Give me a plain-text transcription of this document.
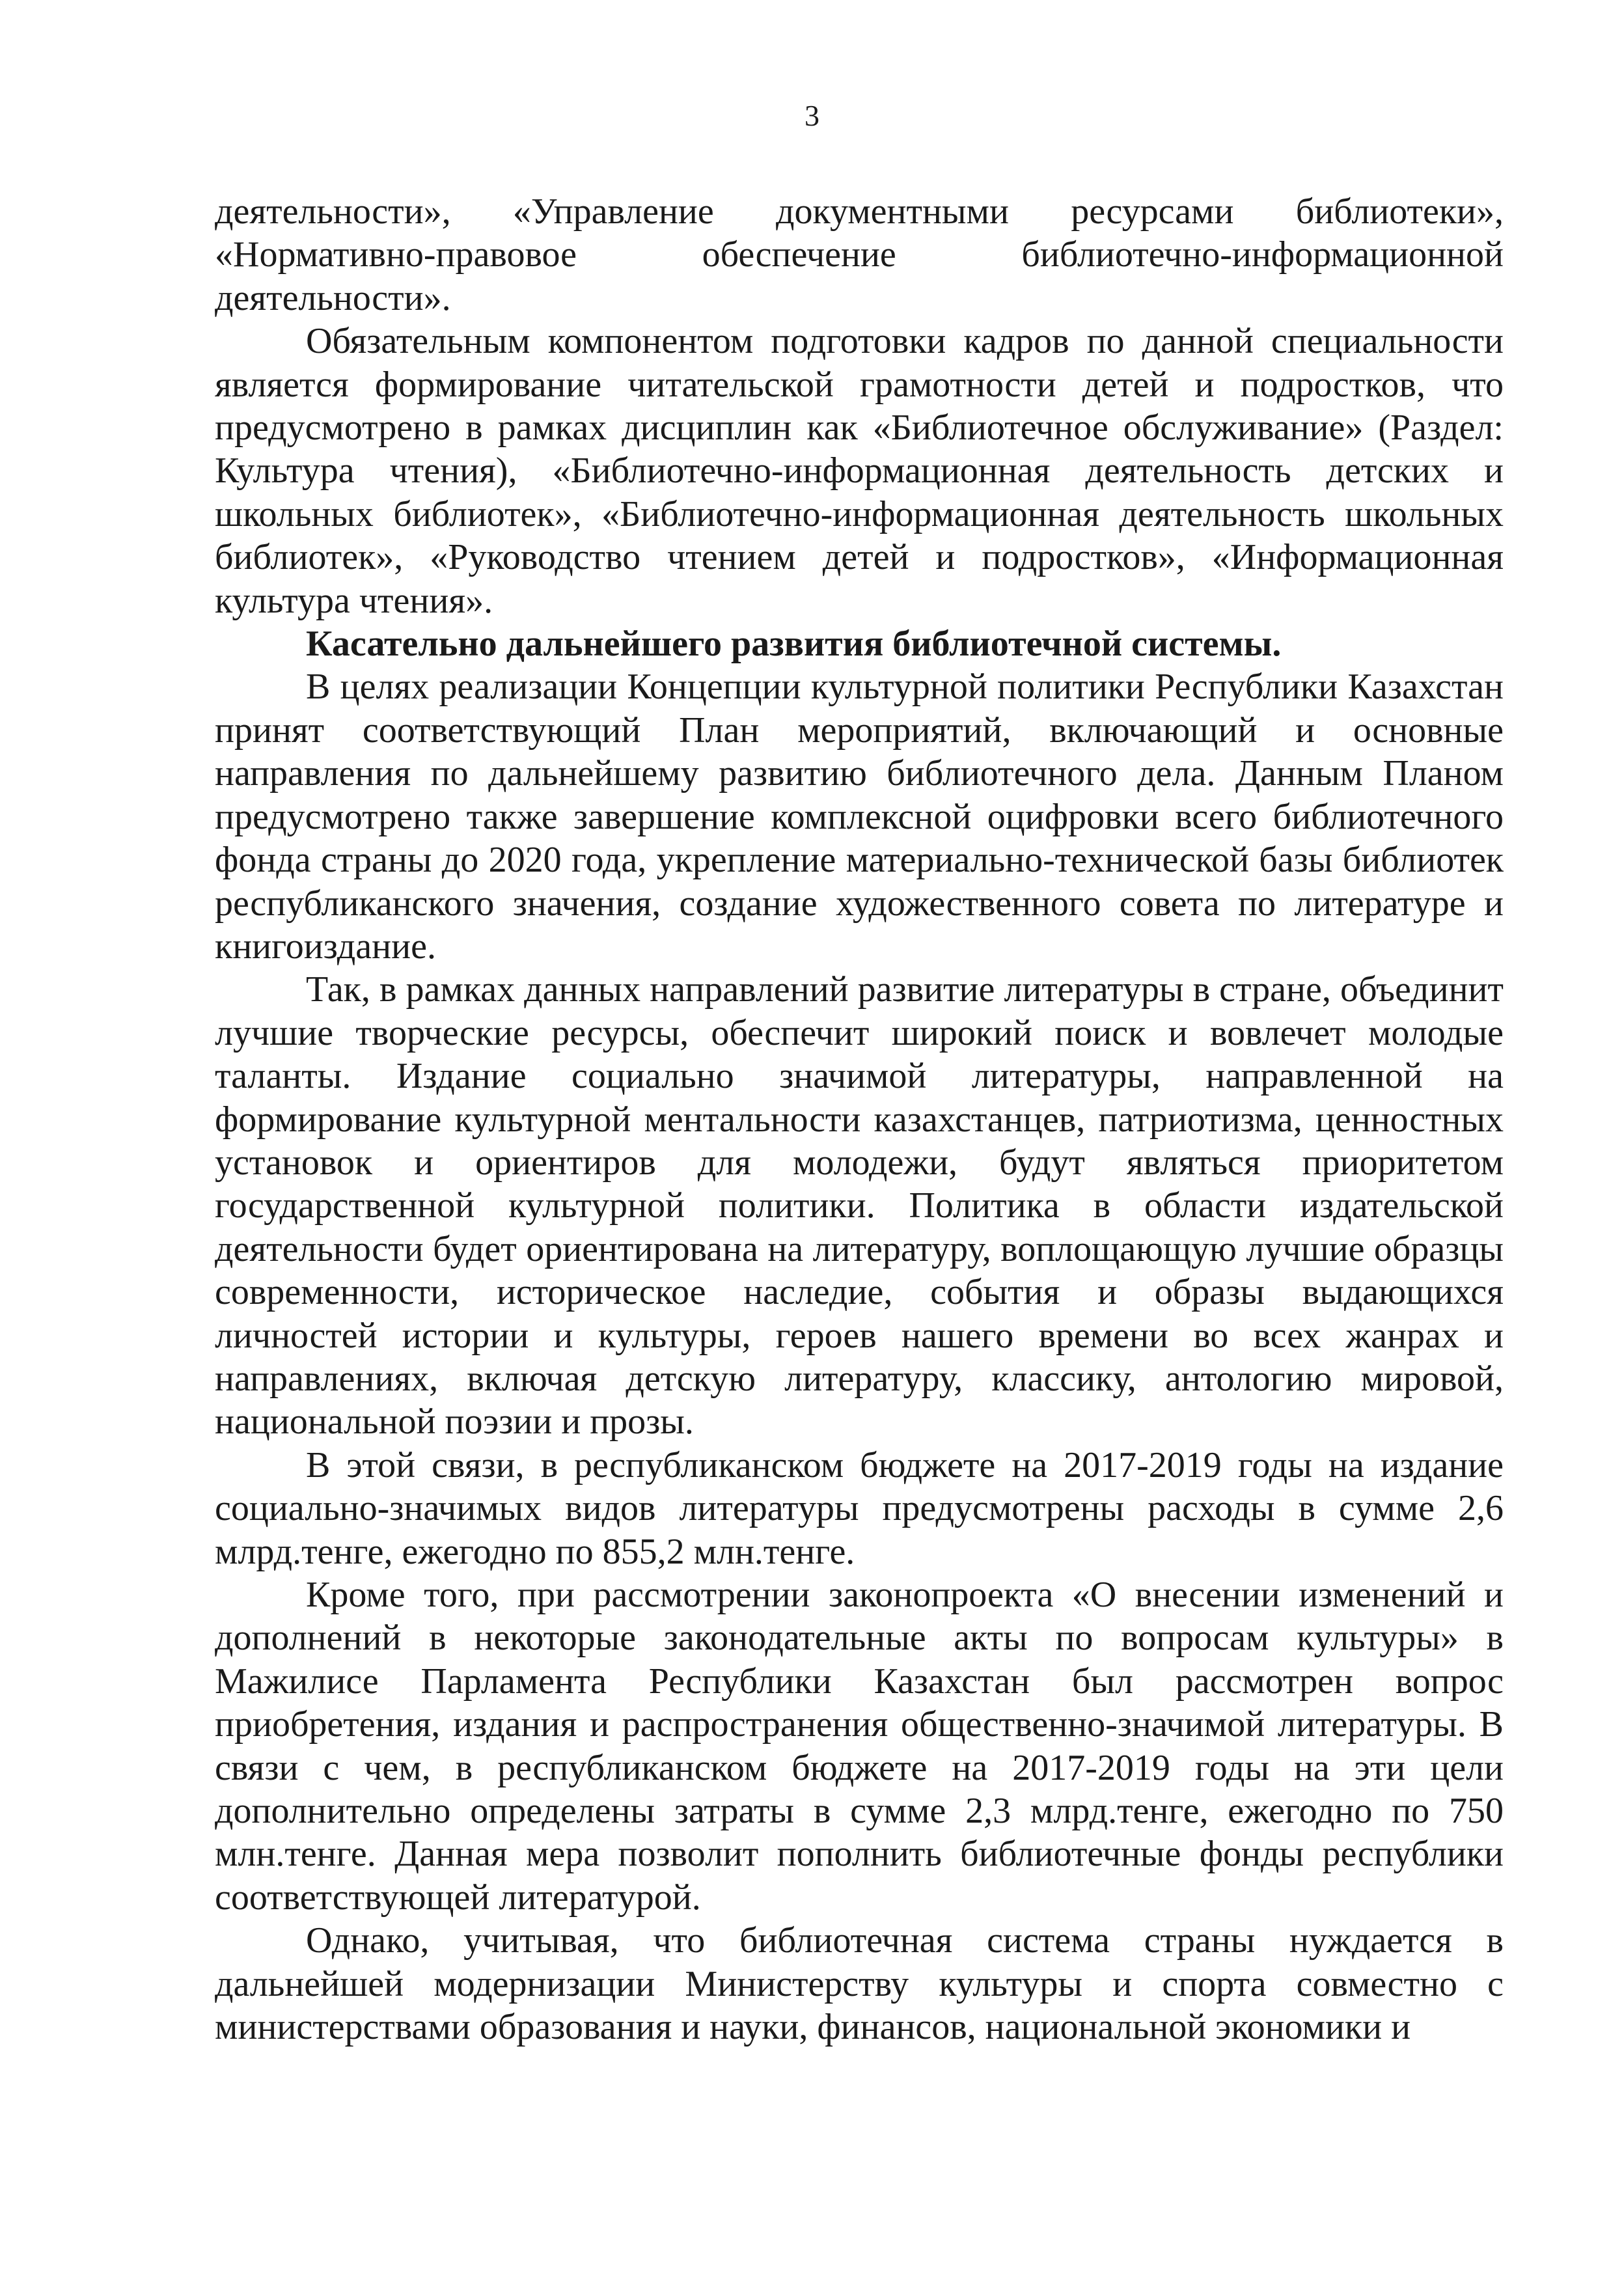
3

деятельности», «Управление документными ресурсами библиотеки», «Нормативно-правовое обеспечение библиотечно-информационной деятельности».

Обязательным компонентом подготовки кадров по данной специальности является формирование читательской грамотности детей и подростков, что предусмотрено в рамках дисциплин как «Библиотечное обслуживание» (Раздел: Культура чтения), «Библиотечно-информационная деятельность детских и школьных библиотек», «Библиотечно-информационная деятельность школьных библиотек», «Руководство чтением детей и подростков», «Информационная культура чтения».

Касательно дальнейшего развития библиотечной системы.

В целях реализации Концепции культурной политики Республики Казахстан принят соответствующий План мероприятий, включающий и основные направления по дальнейшему развитию библиотечного дела. Данным Планом предусмотрено также завершение комплексной оцифровки всего библиотечного фонда страны до 2020 года, укрепление материально-технической базы библиотек республиканского значения, создание художественного совета по литературе и книгоиздание.

Так, в рамках данных направлений развитие литературы в стране, объединит лучшие творческие ресурсы, обеспечит широкий поиск и вовлечет молодые таланты. Издание социально значимой литературы, направленной на формирование культурной ментальности казахстанцев, патриотизма, ценностных установок и ориентиров для молодежи, будут являться приоритетом государственной культурной политики. Политика в области издательской деятельности будет ориентирована на литературу, воплощающую лучшие образцы современности, историческое наследие, события и образы выдающихся личностей истории и культуры, героев нашего времени во всех жанрах и направлениях, включая детскую литературу, классику, антологию мировой, национальной поэзии и прозы.

В этой связи, в республиканском бюджете на 2017-2019 годы на издание социально-значимых видов литературы предусмотрены расходы в сумме 2,6 млрд.тенге, ежегодно по 855,2 млн.тенге.

Кроме того, при рассмотрении законопроекта «О внесении изменений и дополнений в некоторые законодательные акты по вопросам культуры» в Мажилисе Парламента Республики Казахстан был рассмотрен вопрос приобретения, издания и распространения общественно-значимой литературы. В связи с чем, в республиканском бюджете на 2017-2019 годы на эти цели дополнительно определены затраты в сумме 2,3 млрд.тенге, ежегодно по 750 млн.тенге. Данная мера позволит пополнить библиотечные фонды республики соответствующей литературой.

Однако, учитывая, что библиотечная система страны нуждается в дальнейшей модернизации Министерству культуры и спорта совместно с министерствами образования и науки, финансов, национальной экономики и
